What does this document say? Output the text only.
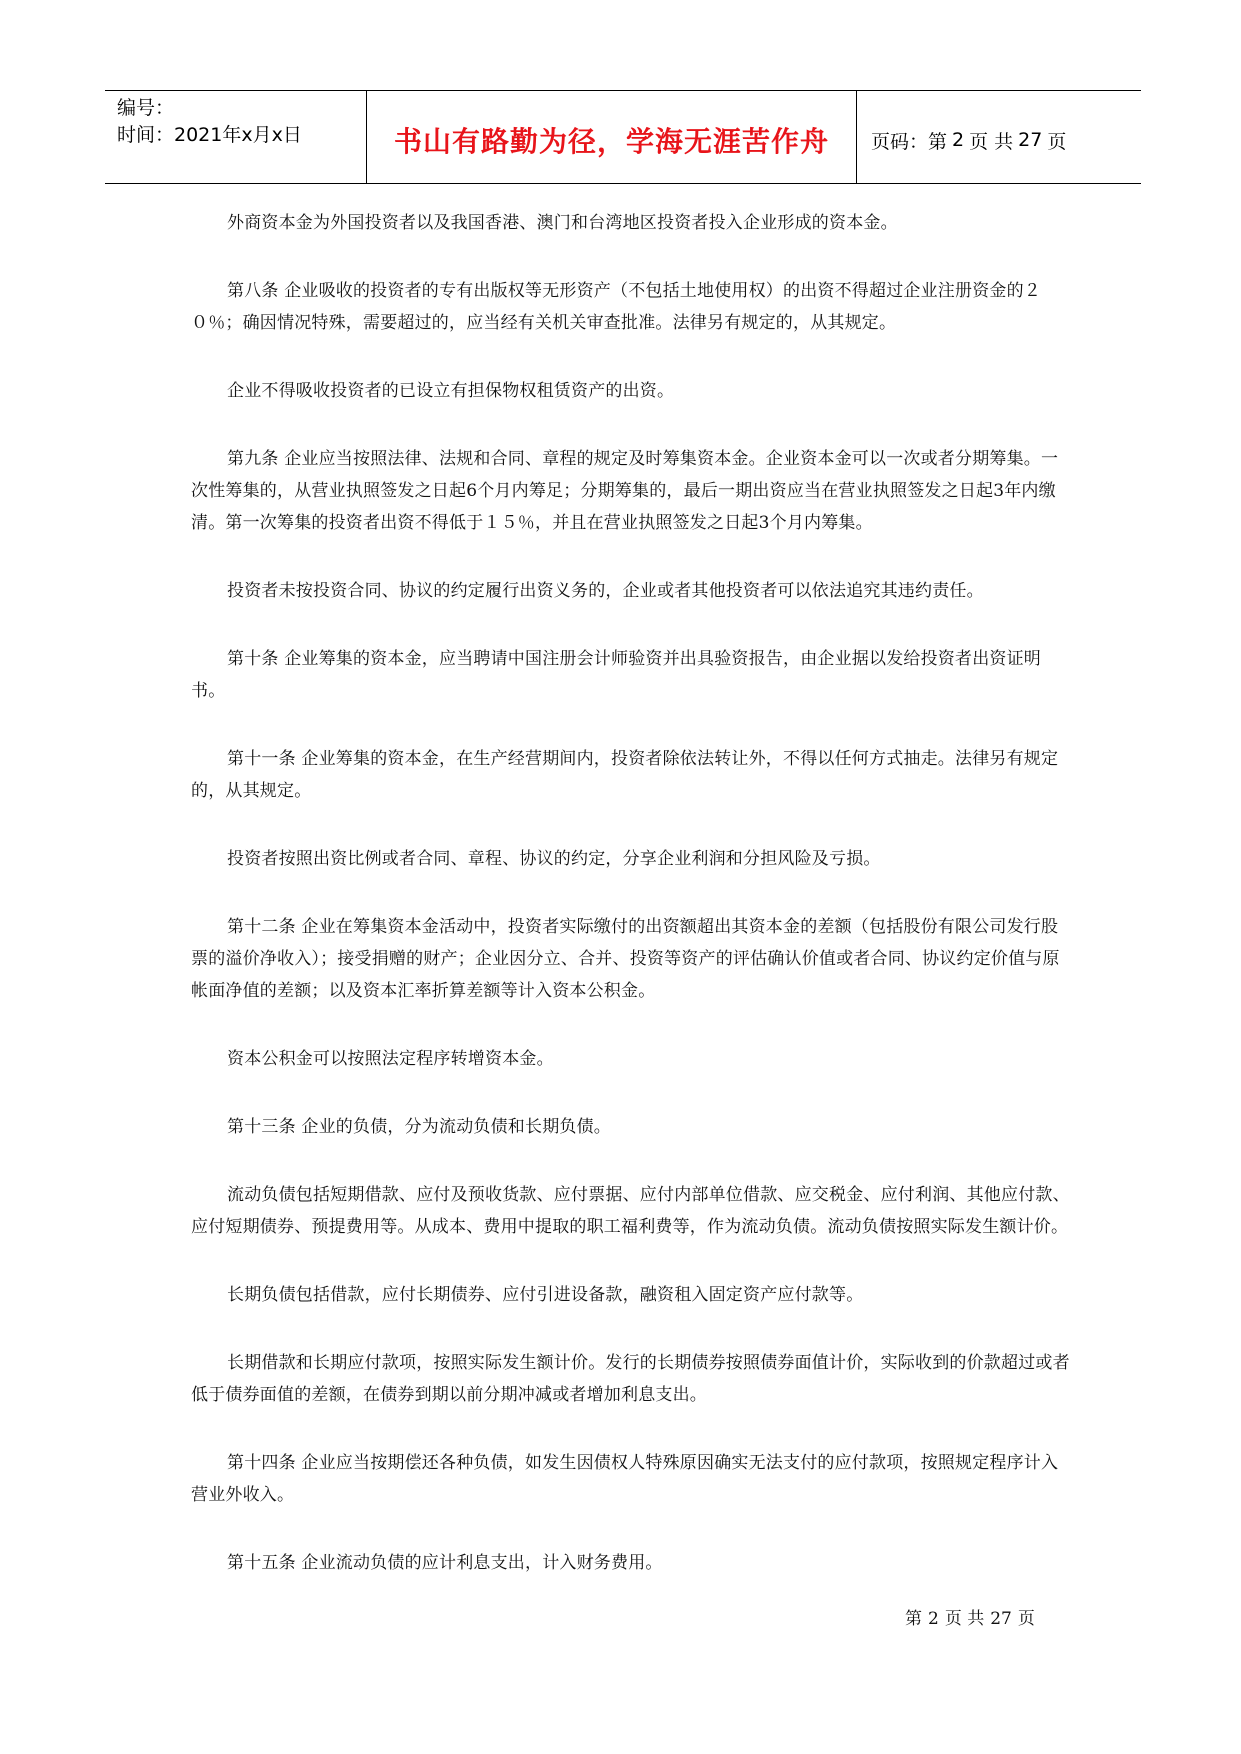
编号：
时间：2021年x月x日	书山有路勤为径，学海无涯苦作舟	页码：第 2 页 共 27 页

外商资本金为外国投资者以及我国香港、澳门和台湾地区投资者投入企业形成的资本金。

第八条 企业吸收的投资者的专有出版权等无形资产（不包括土地使用权）的出资不得超过企业注册资金的２０％；确因情况特殊，需要超过的，应当经有关机关审查批准。法律另有规定的，从其规定。

企业不得吸收投资者的已设立有担保物权租赁资产的出资。

第九条 企业应当按照法律、法规和合同、章程的规定及时筹集资本金。企业资本金可以一次或者分期筹集。一次性筹集的，从营业执照签发之日起6个月内筹足；分期筹集的，最后一期出资应当在营业执照签发之日起3年内缴清。第一次筹集的投资者出资不得低于１５％，并且在营业执照签发之日起3个月内筹集。

投资者未按投资合同、协议的约定履行出资义务的，企业或者其他投资者可以依法追究其违约责任。

第十条 企业筹集的资本金，应当聘请中国注册会计师验资并出具验资报告，由企业据以发给投资者出资证明书。

第十一条 企业筹集的资本金，在生产经营期间内，投资者除依法转让外，不得以任何方式抽走。法律另有规定的，从其规定。

投资者按照出资比例或者合同、章程、协议的约定，分享企业利润和分担风险及亏损。

第十二条 企业在筹集资本金活动中，投资者实际缴付的出资额超出其资本金的差额（包括股份有限公司发行股票的溢价净收入）；接受捐赠的财产；企业因分立、合并、投资等资产的评估确认价值或者合同、协议约定价值与原帐面净值的差额；以及资本汇率折算差额等计入资本公积金。

资本公积金可以按照法定程序转增资本金。

第十三条 企业的负债，分为流动负债和长期负债。

流动负债包括短期借款、应付及预收货款、应付票据、应付内部单位借款、应交税金、应付利润、其他应付款、应付短期债券、预提费用等。从成本、费用中提取的职工福利费等，作为流动负债。流动负债按照实际发生额计价。

长期负债包括借款，应付长期债券、应付引进设备款，融资租入固定资产应付款等。

长期借款和长期应付款项，按照实际发生额计价。发行的长期债券按照债券面值计价，实际收到的价款超过或者低于债券面值的差额，在债券到期以前分期冲减或者增加利息支出。

第十四条 企业应当按期偿还各种负债，如发生因债权人特殊原因确实无法支付的应付款项，按照规定程序计入营业外收入。

第十五条 企业流动负债的应计利息支出，计入财务费用。

第 2 页 共 27 页
